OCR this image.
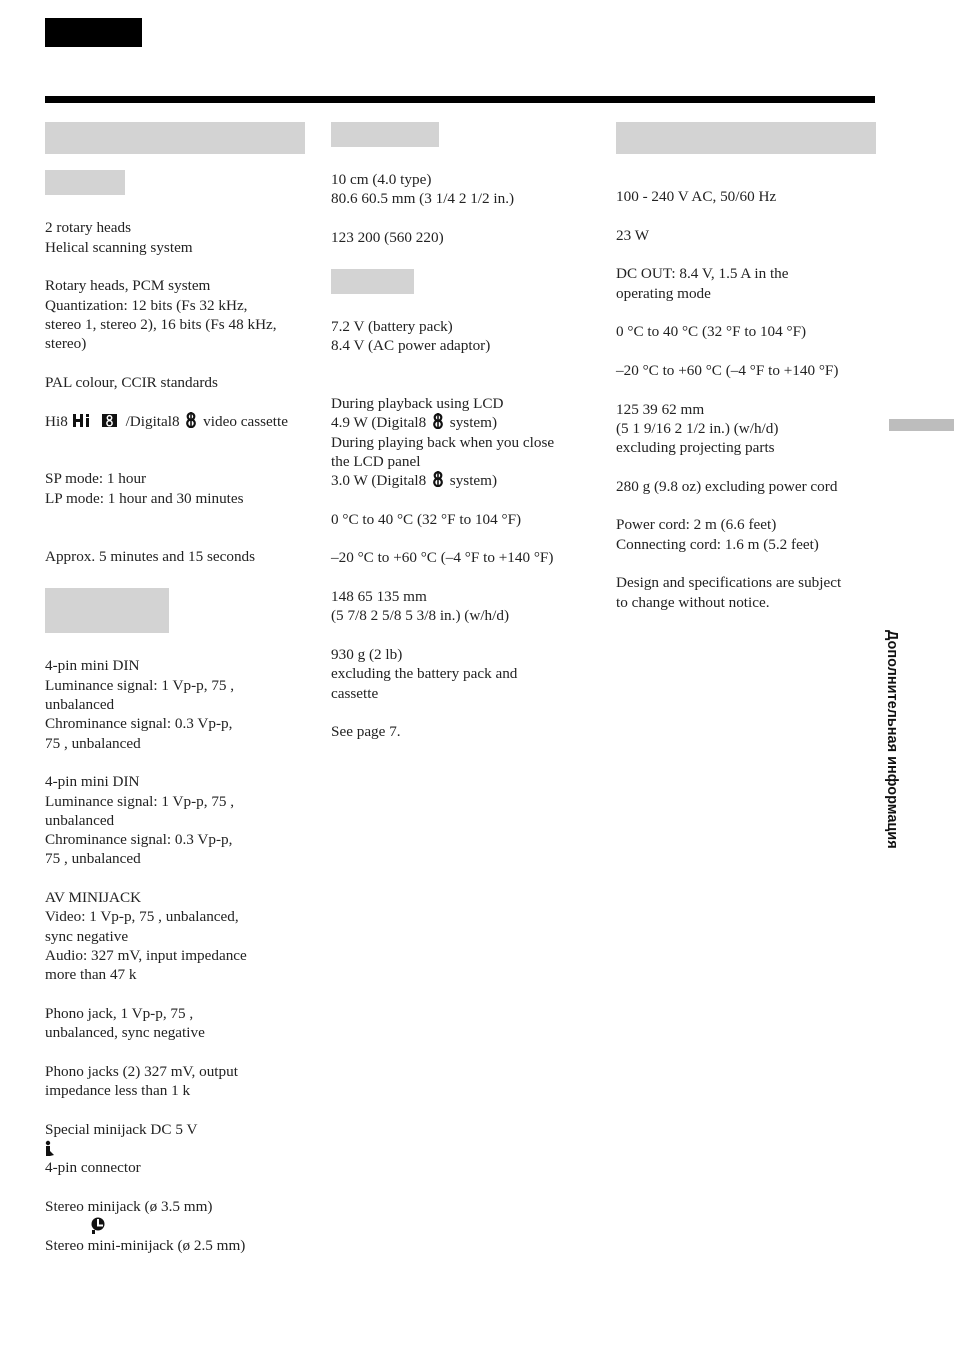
2 rotary heads
Helical scanning system
Rotary heads, PCM system
Quantization: 12 bits (Fs 32 kHz,
stereo 1, stereo 2), 16 bits (Fs 48 kHz,
stereo)
PAL colour, CCIR standards
Hi8	/Digital8 video cassette
SP mode: 1 hour
LP mode: 1 hour and 30 minutes
Approx. 5 minutes and 15 seconds
4-pin mini DIN
Luminance signal: 1 Vp-p, 75 ,
unbalanced
Chrominance signal: 0.3 Vp-p,
75 , unbalanced
4-pin mini DIN
Luminance signal: 1 Vp-p, 75 ,
unbalanced
Chrominance signal: 0.3 Vp-p,
75 , unbalanced
AV MINIJACK
Video: 1 Vp-p, 75 , unbalanced,
sync negative
Audio: 327 mV, input impedance
more than 47 k
Phono jack, 1 Vp-p, 75 ,
unbalanced, sync negative
Phono jacks (2) 327 mV, output
impedance less than 1 k
Special minijack DC 5 V
4-pin connector
Stereo minijack (ø 3.5 mm)
Stereo mini-minijack (ø 2.5 mm)
10 cm (4.0 type)
80.6 60.5 mm (3 1/4 2 1/2 in.)
123 200 (560 220)
7.2 V (battery pack)
8.4 V (AC power adaptor)
During playback using LCD
4.9 W (Digital8 system)
During playing back when you close
the LCD panel
3.0 W (Digital8 system)
0 °C to 40 °C (32 °F to 104 °F)
–20 °C to +60 °C (–4 °F to +140 °F)
148 65 135 mm
(5 7/8 2 5/8 5 3/8 in.) (w/h/d)
930 g (2 lb)
excluding the battery pack and
cassette
See page 7.
100 - 240 V AC, 50/60 Hz
23 W
DC OUT: 8.4 V, 1.5 A in the
operating mode
0 °C to 40 °C (32 °F to 104 °F)
–20 °C to +60 °C (–4 °F to +140 °F)
125 39 62 mm
(5 1 9/16 2 1/2 in.) (w/h/d)
excluding projecting parts
280 g (9.8 oz) excluding power cord
Power cord: 2 m (6.6 feet)
Connecting cord: 1.6 m (5.2 feet)
Design and specifications are subject
to change without notice.
Дополнительная информация
